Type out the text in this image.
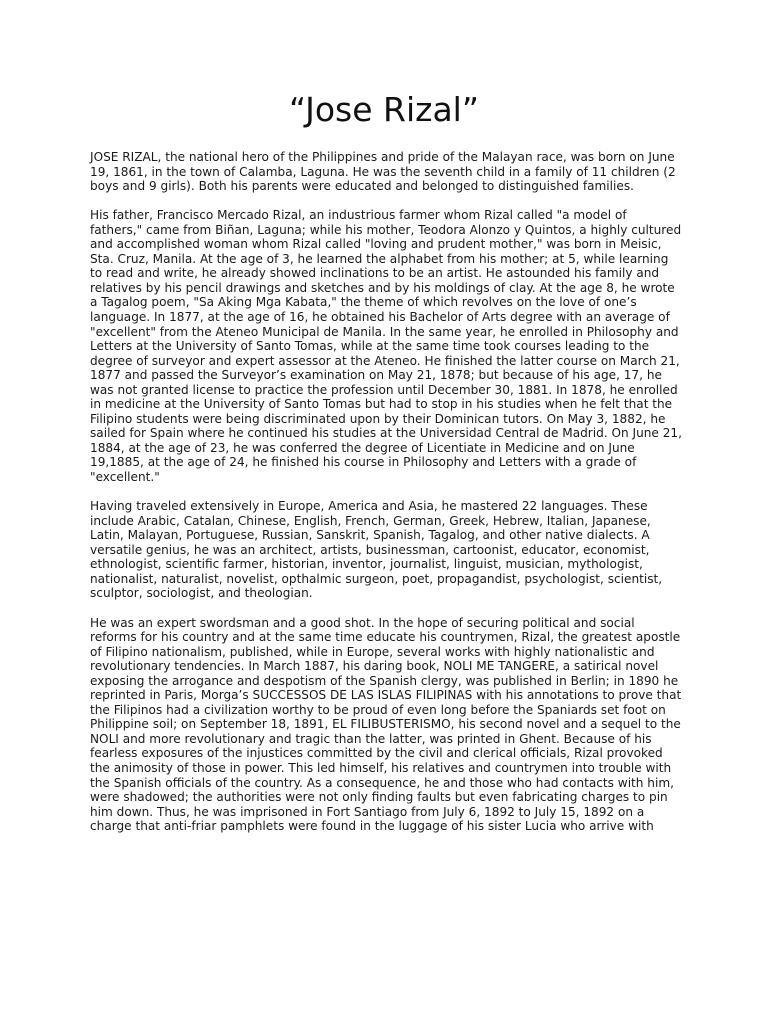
“Jose Rizal”

JOSE RIZAL, the national hero of the Philippines and pride of the Malayan race, was born on June 19, 1861, in the town of Calamba, Laguna. He was the seventh child in a family of 11 children (2 boys and 9 girls). Both his parents were educated and belonged to distinguished families.

His father, Francisco Mercado Rizal, an industrious farmer whom Rizal called "a model of fathers," came from Biñan, Laguna; while his mother, Teodora Alonzo y Quintos, a highly cultured and accomplished woman whom Rizal called "loving and prudent mother," was born in Meisic, Sta. Cruz, Manila. At the age of 3, he learned the alphabet from his mother; at 5, while learning to read and write, he already showed inclinations to be an artist. He astounded his family and relatives by his pencil drawings and sketches and by his moldings of clay. At the age 8, he wrote a Tagalog poem, "Sa Aking Mga Kabata," the theme of which revolves on the love of one’s language. In 1877, at the age of 16, he obtained his Bachelor of Arts degree with an average of "excellent" from the Ateneo Municipal de Manila. In the same year, he enrolled in Philosophy and Letters at the University of Santo Tomas, while at the same time took courses leading to the degree of surveyor and expert assessor at the Ateneo. He finished the latter course on March 21, 1877 and passed the Surveyor’s examination on May 21, 1878; but because of his age, 17, he was not granted license to practice the profession until December 30, 1881. In 1878, he enrolled in medicine at the University of Santo Tomas but had to stop in his studies when he felt that the Filipino students were being discriminated upon by their Dominican tutors. On May 3, 1882, he sailed for Spain where he continued his studies at the Universidad Central de Madrid. On June 21, 1884, at the age of 23, he was conferred the degree of Licentiate in Medicine and on June 19,1885, at the age of 24, he finished his course in Philosophy and Letters with a grade of "excellent."

Having traveled extensively in Europe, America and Asia, he mastered 22 languages. These include Arabic, Catalan, Chinese, English, French, German, Greek, Hebrew, Italian, Japanese, Latin, Malayan, Portuguese, Russian, Sanskrit, Spanish, Tagalog, and other native dialects. A versatile genius, he was an architect, artists, businessman, cartoonist, educator, economist, ethnologist, scientific farmer, historian, inventor, journalist, linguist, musician, mythologist, nationalist, naturalist, novelist, opthalmic surgeon, poet, propagandist, psychologist, scientist, sculptor, sociologist, and theologian.

He was an expert swordsman and a good shot. In the hope of securing political and social reforms for his country and at the same time educate his countrymen, Rizal, the greatest apostle of Filipino nationalism, published, while in Europe, several works with highly nationalistic and revolutionary tendencies. In March 1887, his daring book, NOLI ME TANGERE, a satirical novel exposing the arrogance and despotism of the Spanish clergy, was published in Berlin; in 1890 he reprinted in Paris, Morga’s SUCCESSOS DE LAS ISLAS FILIPINAS with his annotations to prove that the Filipinos had a civilization worthy to be proud of even long before the Spaniards set foot on Philippine soil; on September 18, 1891, EL FILIBUSTERISMO, his second novel and a sequel to the NOLI and more revolutionary and tragic than the latter, was printed in Ghent. Because of his fearless exposures of the injustices committed by the civil and clerical officials, Rizal provoked the animosity of those in power. This led himself, his relatives and countrymen into trouble with the Spanish officials of the country. As a consequence, he and those who had contacts with him, were shadowed; the authorities were not only finding faults but even fabricating charges to pin him down. Thus, he was imprisoned in Fort Santiago from July 6, 1892 to July 15, 1892 on a charge that anti-friar pamphlets were found in the luggage of his sister Lucia who arrive with
